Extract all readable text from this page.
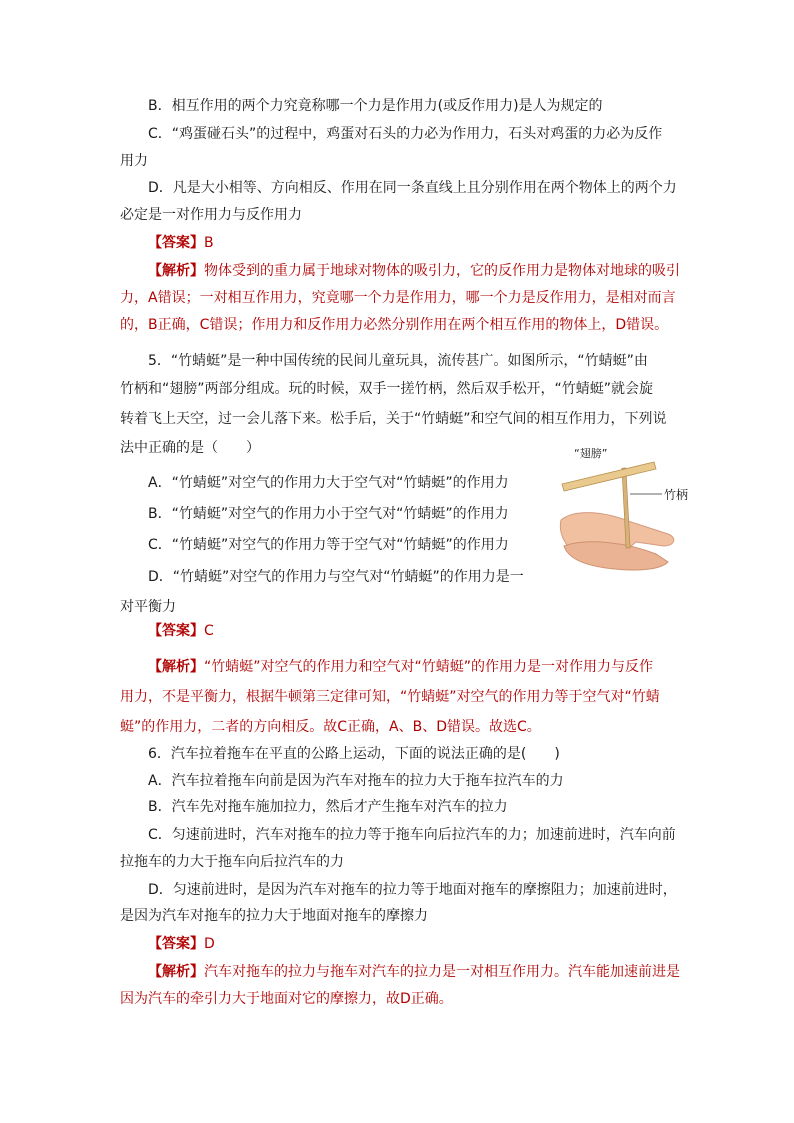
B．相互作用的两个力究竟称哪一个力是作用力(或反作用力)是人为规定的
C．“鸡蛋碰石头”的过程中，鸡蛋对石头的力必为作用力，石头对鸡蛋的力必为反作
用力
D．凡是大小相等、方向相反、作用在同一条直线上且分别作用在两个物体上的两个力
必定是一对作用力与反作用力
【答案】B
【解析】物体受到的重力属于地球对物体的吸引力，它的反作用力是物体对地球的吸引
力，A错误；一对相互作用力，究竟哪一个力是作用力，哪一个力是反作用力，是相对而言
的，B正确，C错误；作用力和反作用力必然分别作用在两个相互作用的物体上，D错误。
5．“竹蜻蜓”是一种中国传统的民间儿童玩具，流传甚广。如图所示，“竹蜻蜓”由
竹柄和“翅膀”两部分组成。玩的时候，双手一搓竹柄，然后双手松开，“竹蜻蜓”就会旋
转着飞上天空，过一会儿落下来。松手后，关于“竹蜻蜓”和空气间的相互作用力，下列说
法中正确的是（　　）
A．“竹蜻蜓”对空气的作用力大于空气对“竹蜻蜓”的作用力
B．“竹蜻蜓”对空气的作用力小于空气对“竹蜻蜓”的作用力
C．“竹蜻蜓”对空气的作用力等于空气对“竹蜻蜓”的作用力
D．“竹蜻蜓”对空气的作用力与空气对“竹蜻蜓”的作用力是一
对平衡力
“翅膀”
竹柄
【答案】C
【解析】“竹蜻蜓”对空气的作用力和空气对“竹蜻蜓”的作用力是一对作用力与反作
用力，不是平衡力，根据牛顿第三定律可知，“竹蜻蜓”对空气的作用力等于空气对“竹蜻
蜓”的作用力，二者的方向相反。故C正确，A、B、D错误。故选C。
6．汽车拉着拖车在平直的公路上运动，下面的说法正确的是(　　)
A．汽车拉着拖车向前是因为汽车对拖车的拉力大于拖车拉汽车的力
B．汽车先对拖车施加拉力，然后才产生拖车对汽车的拉力
C．匀速前进时，汽车对拖车的拉力等于拖车向后拉汽车的力；加速前进时，汽车向前
拉拖车的力大于拖车向后拉汽车的力
D．匀速前进时，是因为汽车对拖车的拉力等于地面对拖车的摩擦阻力；加速前进时，
是因为汽车对拖车的拉力大于地面对拖车的摩擦力
【答案】D
【解析】汽车对拖车的拉力与拖车对汽车的拉力是一对相互作用力。汽车能加速前进是
因为汽车的牵引力大于地面对它的摩擦力，故D正确。
